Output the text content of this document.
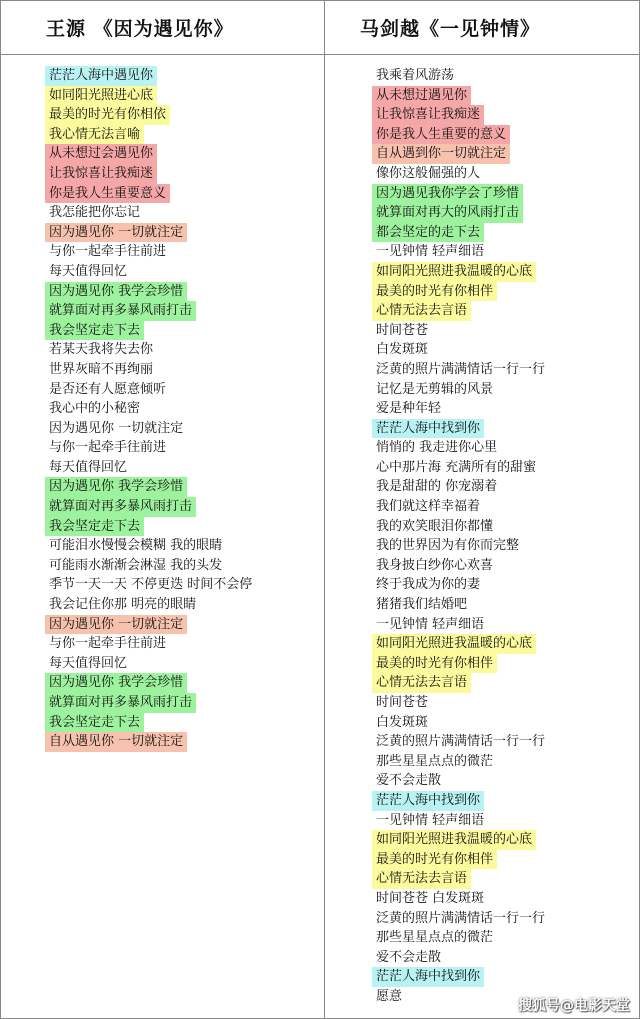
王源 《因为遇见你》	马剑越《一见钟情》
茫茫人海中遇见你
如同阳光照进心底
最美的时光有你相依
我心情无法言喻
从未想过会遇见你
让我惊喜让我痴迷
你是我人生重要意义
我怎能把你忘记
因为遇见你 一切就注定
与你一起牵手往前进
每天值得回忆
因为遇见你 我学会珍惜
就算面对再多暴风雨打击
我会坚定走下去
若某天我将失去你
世界灰暗不再绚丽
是否还有人愿意倾听
我心中的小秘密
因为遇见你 一切就注定
与你一起牵手往前进
每天值得回忆
因为遇见你 我学会珍惜
就算面对再多暴风雨打击
我会坚定走下去
可能泪水慢慢会模糊 我的眼睛
可能雨水渐渐会淋湿 我的头发
季节一天一天 不停更迭 时间不会停
我会记住你那 明亮的眼睛
因为遇见你 一切就注定
与你一起牵手往前进
每天值得回忆
因为遇见你 我学会珍惜
就算面对再多暴风雨打击
我会坚定走下去
自从遇见你 一切就注定
我乘着风游荡
从未想过遇见你
让我惊喜让我痴迷
你是我人生重要的意义
自从遇到你一切就注定
像你这般倔强的人
因为遇见我你学会了珍惜
就算面对再大的风雨打击
都会坚定的走下去
一见钟情 轻声细语
如同阳光照进我温暖的心底
最美的时光有你相伴
心情无法去言语
时间苍苍
白发斑斑
泛黄的照片满满情话一行一行
记忆是无剪辑的风景
爱是种年轻
茫茫人海中找到你
悄悄的 我走进你心里
心中那片海 充满所有的甜蜜
我是甜甜的 你宠溺着
我们就这样幸福着
我的欢笑眼泪你都懂
我的世界因为有你而完整
我身披白纱你心欢喜
终于我成为你的妻
猪猪我们结婚吧
一见钟情 轻声细语
如同阳光照进我温暖的心底
最美的时光有你相伴
心情无法去言语
时间苍苍
白发斑斑
泛黄的照片满满情话一行一行
那些星星点点的微茫
爱不会走散
茫茫人海中找到你
一见钟情 轻声细语
如同阳光照进我温暖的心底
最美的时光有你相伴
心情无法去言语
时间苍苍 白发斑斑
泛黄的照片满满情话一行一行
那些星星点点的微茫
爱不会走散
茫茫人海中找到你
愿意
搜狐号@电影天堂
